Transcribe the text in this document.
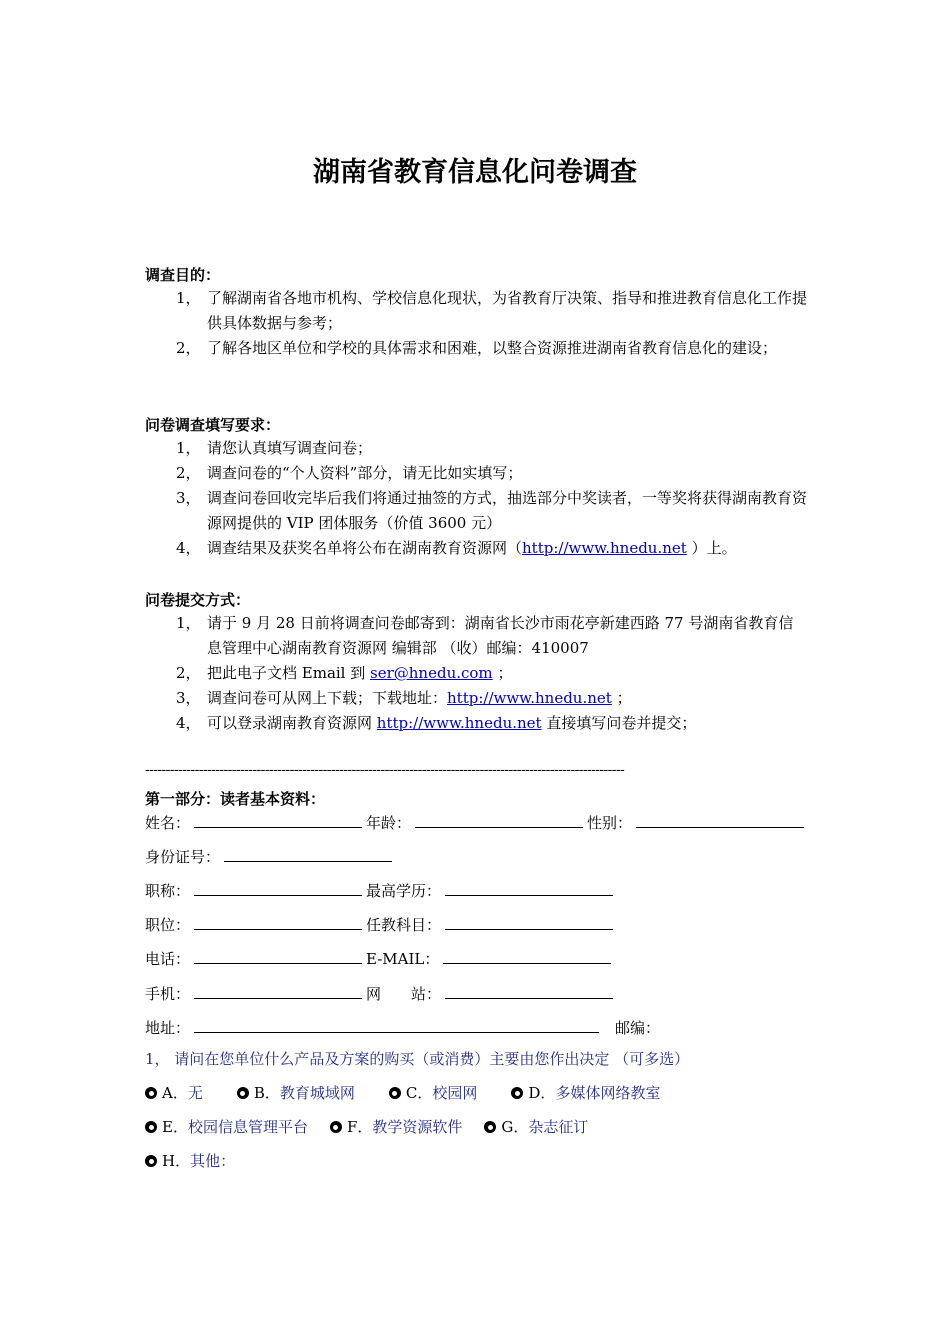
湖南省教育信息化问卷调查
调查目的：
1， 了解湖南省各地市机构、学校信息化现状，为省教育厅决策、指导和推进教育信息化工作提供具体数据与参考；
2， 了解各地区单位和学校的具体需求和困难，以整合资源推进湖南省教育信息化的建设；
问卷调查填写要求：
1， 请您认真填写调查问卷；
2， 调查问卷的“个人资料”部分，请无比如实填写；
3， 调查问卷回收完毕后我们将通过抽签的方式，抽选部分中奖读者，一等奖将获得湖南教育资源网提供的 VIP 团体服务（价值 3600 元）
4， 调查结果及获奖名单将公布在湖南教育资源网（http://www.hnedu.net ）上。
问卷提交方式：
1， 请于 9 月 28 日前将调查问卷邮寄到：湖南省长沙市雨花亭新建西路 77 号湖南省教育信息管理中心湖南教育资源网 编辑部 （收）邮编：410007
2， 把此电子文档 Email 到 ser@hnedu.com ；
3， 调查问卷可从网上下载；下载地址：http://www.hnedu.net ；
4， 可以登录湖南教育资源网 http://www.hnedu.net 直接填写问卷并提交；
--------------------------------------------------------------------------------------------------------------------
第一部分：读者基本资料：
姓名：	年龄：	性别：
身份证号：
职称：	最高学历：
职位：	任教科目：
电话：	E-MAIL：
手机：	网　　站：
地址：	邮编：
1， 请问在您单位什么产品及方案的购买（或消费）主要由您作出决定 （可多选）
A．无	B．教育城域网	C．校园网	D．多媒体网络教室
E．校园信息管理平台	F．教学资源软件	G．杂志征订
H．其他：
